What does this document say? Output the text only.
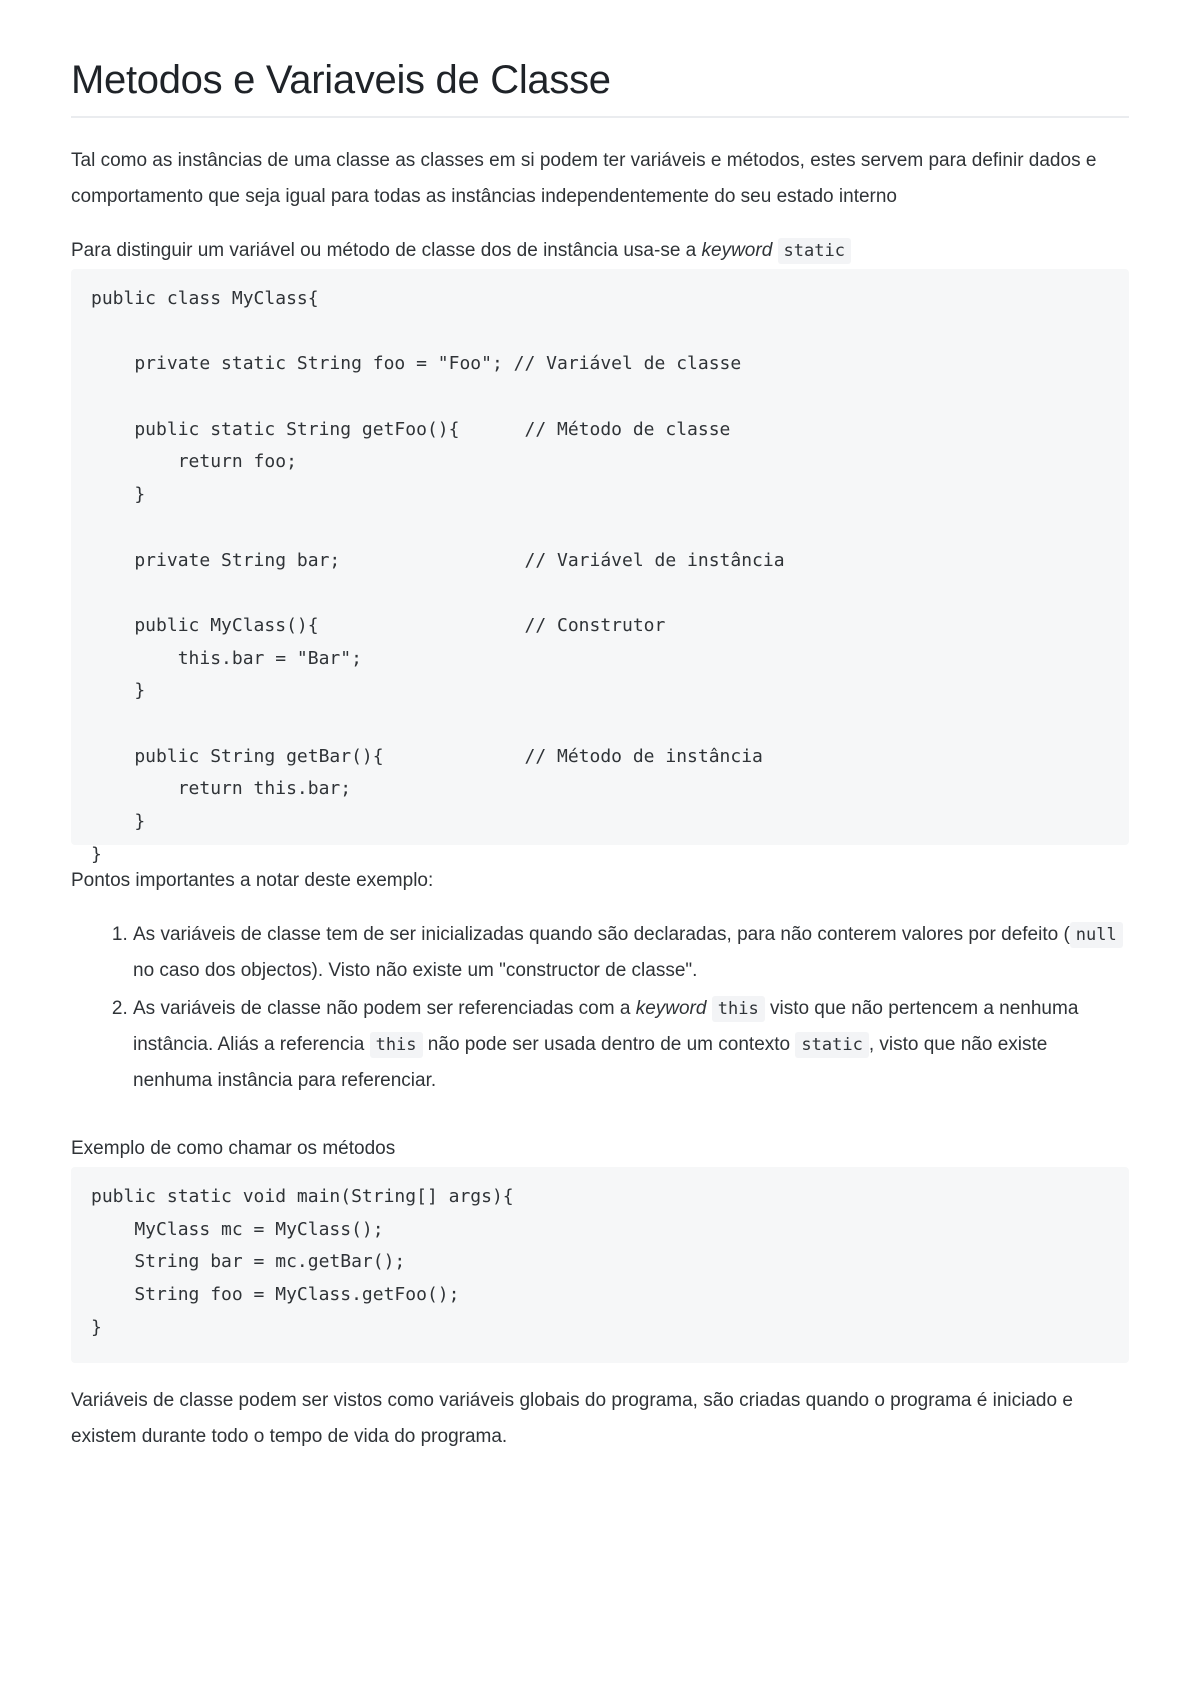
Metodos e Variaveis de Classe

Tal como as instâncias de uma classe as classes em si podem ter variáveis e métodos, estes servem para definir dados e comportamento que seja igual para todas as instâncias independentemente do seu estado interno

Para distinguir um variável ou método de classe dos de instância usa-se a keyword static

public class MyClass{
private static String foo = "Foo"; // Variável de classe
public static String getFoo(){      // Método de classe
return foo;
}
private String bar;                 // Variável de instância
public MyClass(){                   // Construtor
this.bar = "Bar";
}
public String getBar(){             // Método de instância
return this.bar;
}
}

Pontos importantes a notar deste exemplo:

1. As variáveis de classe tem de ser inicializadas quando são declaradas, para não conterem valores por defeito ( null no caso dos objectos). Visto não existe um "constructor de classe".
2. As variáveis de classe não podem ser referenciadas com a keyword this visto que não pertencem a nenhuma instância. Aliás a referencia this não pode ser usada dentro de um contexto static , visto que não existe nenhuma instância para referenciar.
Exemplo de como chamar os métodos
public static void main(String[] args){
MyClass mc = MyClass();
String bar = mc.getBar();
String foo = MyClass.getFoo();
}

Variáveis de classe podem ser vistos como variáveis globais do programa, são criadas quando o programa é iniciado e existem durante todo o tempo de vida do programa.
